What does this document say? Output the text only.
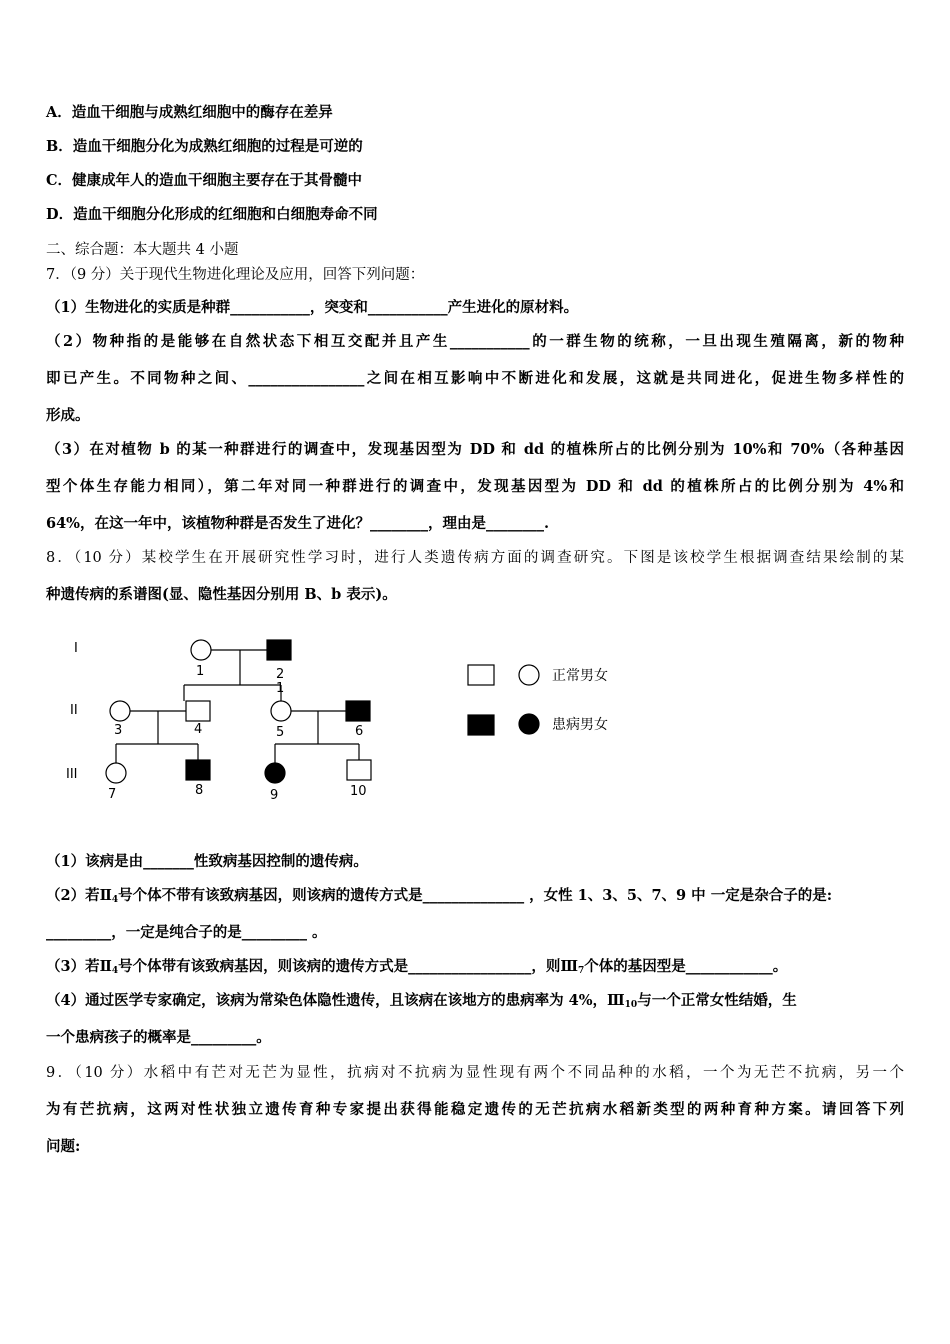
A．造血干细胞与成熟红细胞中的酶存在差异
B．造血干细胞分化为成熟红细胞的过程是可逆的
C．健康成年人的造血干细胞主要存在于其骨髓中
D．造血干细胞分化形成的红细胞和白细胞寿命不同
二、综合题：本大题共 4 小题
7．（9 分）关于现代生物进化理论及应用，回答下列问题：
（1）生物进化的实质是种群___________，突变和___________产生进化的原材料。
（2）物种指的是能够在自然状态下相互交配并且产生___________的一群生物的统称，一旦出现生殖隔离，新的物种
即已产生。不同物种之间、________________之间在相互影响中不断进化和发展，这就是共同进化，促进生物多样性的
形成。
（3）在对植物 b 的某一种群进行的调查中，发现基因型为 DD 和 dd 的植株所占的比例分别为 10%和 70%（各种基因
型个体生存能力相同），第二年对同一种群进行的调查中，发现基因型为 DD 和 dd 的植株所占的比例分别为 4%和
64%，在这一年中，该植物种群是否发生了进化？________，理由是________.
8．（10 分）某校学生在开展研究性学习时，进行人类遗传病方面的调查研究。下图是该校学生根据调查结果绘制的某
种遗传病的系谱图(显、隐性基因分别用 B、b 表示)。
I
II
III
1	2
1
3	4	5	6
7	8	9	10
正常男女
患病男女
（1）该病是由_______性致病基因控制的遗传病。
（2）若$Ⅱ_4$号个体不带有该致病基因，则该病的遗传方式是______________ ，女性 1、3、5、7、9 中 一定是杂合子的是:
_________，一定是纯合子的是_________ 。
（3）若$Ⅱ_4$号个体带有该致病基因，则该病的遗传方式是_________________，则$Ⅲ_7$个体的基因型是____________。
（4）通过医学专家确定，该病为常染色体隐性遗传，且该病在该地方的患病率为 4%，$Ⅲ_{10}$与一个正常女性结婚，生
一个患病孩子的概率是_________。
9．（10 分）水稻中有芒对无芒为显性，抗病对不抗病为显性现有两个不同品种的水稻，一个为无芒不抗病，另一个
为有芒抗病，这两对性状独立遗传育种专家提出获得能稳定遗传的无芒抗病水稻新类型的两种育种方案。请回答下列
问题:
